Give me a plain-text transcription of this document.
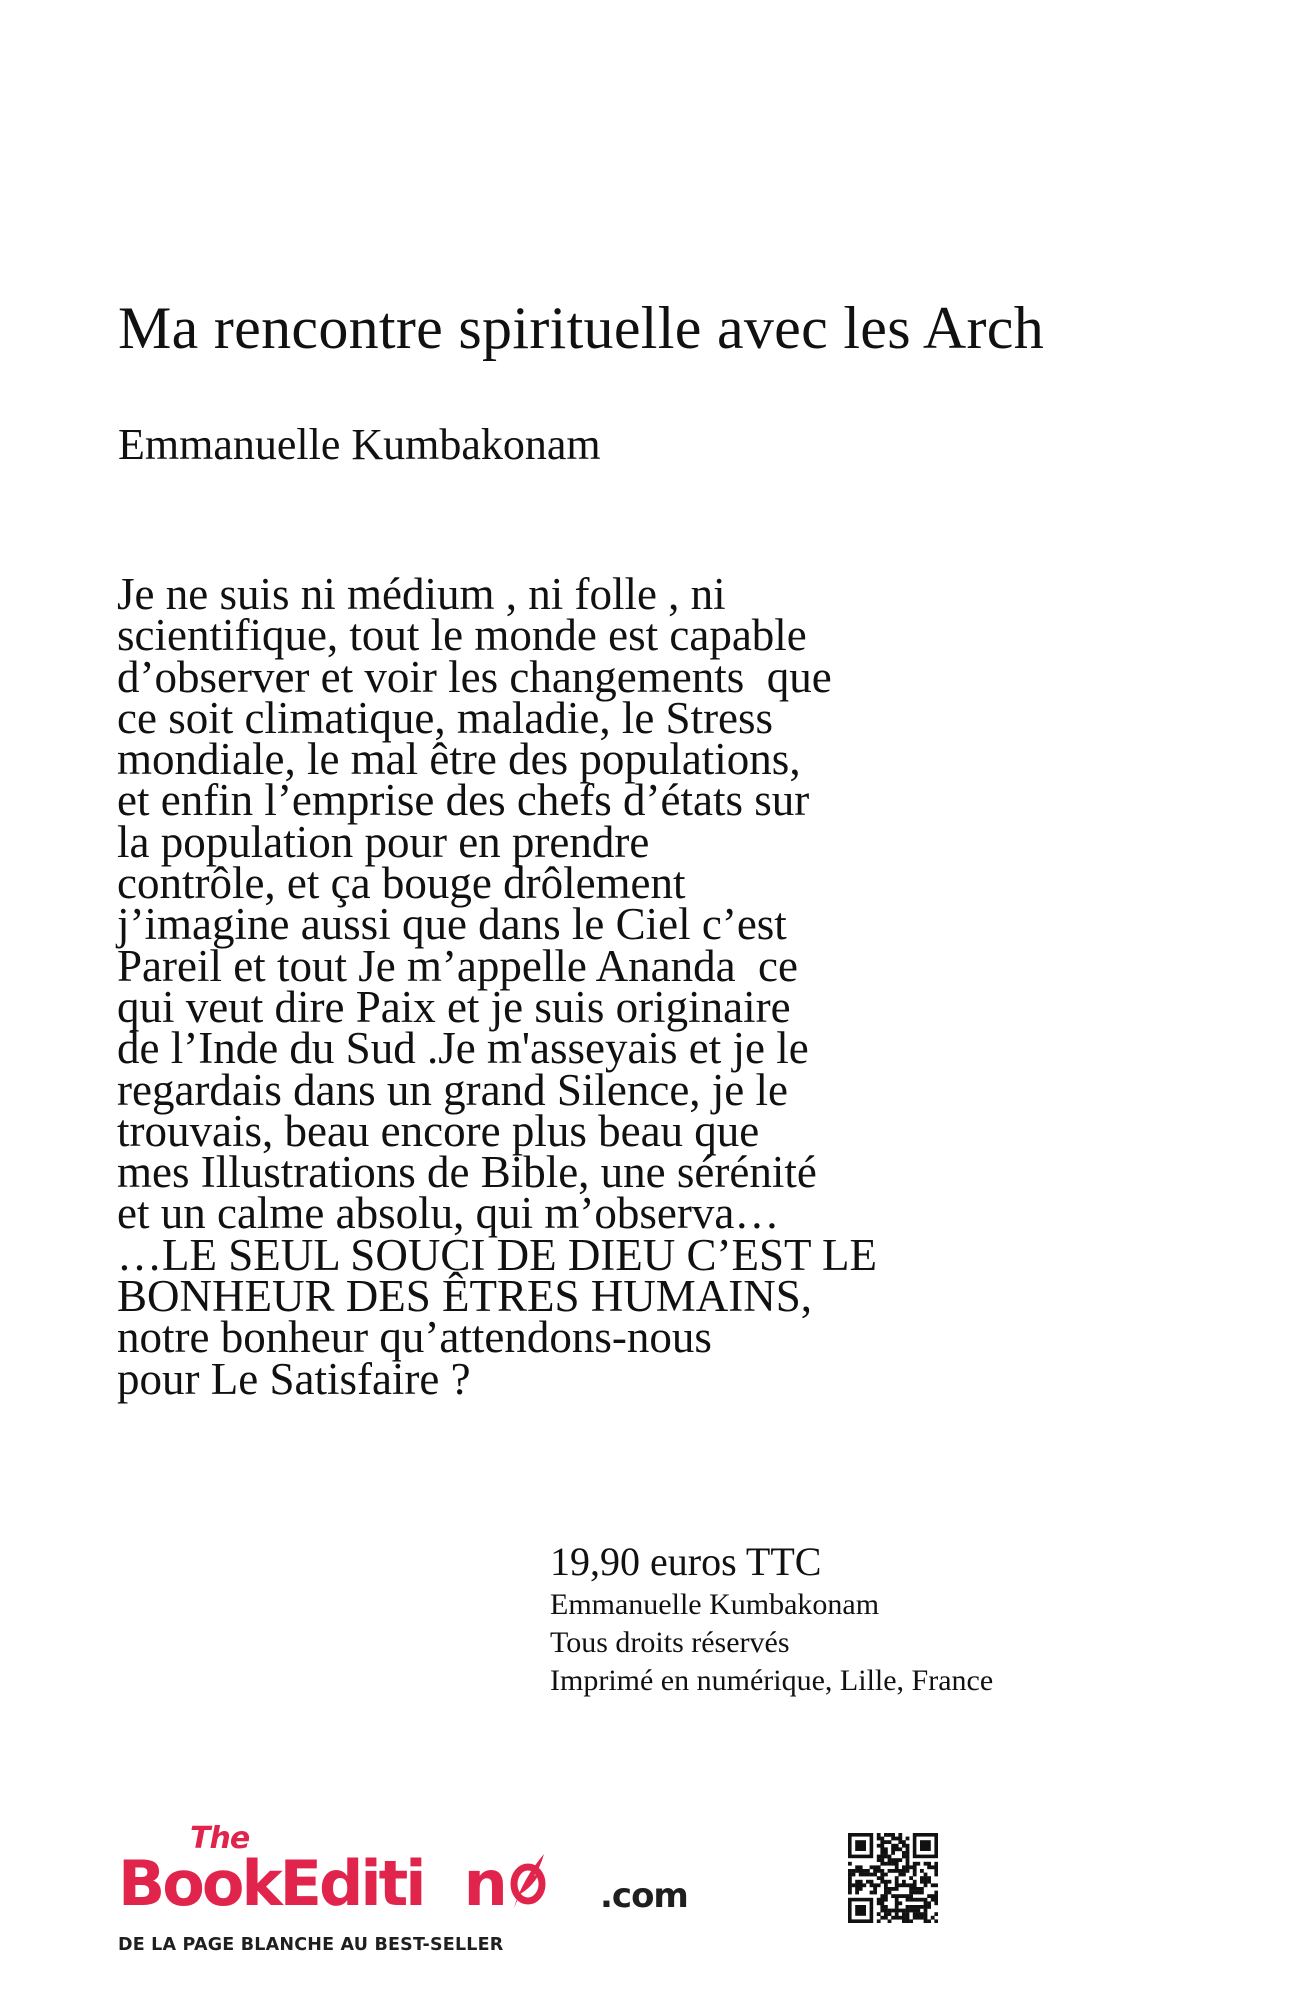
Ma rencontre spirituelle avec les Arch
Emmanuelle Kumbakonam
Je ne suis ni médium , ni folle , ni
scientifique, tout le monde est capable
d’observer et voir les changements  que
ce soit climatique, maladie, le Stress
mondiale, le mal être des populations,
et enfin l’emprise des chefs d’états sur
la population pour en prendre
contrôle, et ça bouge drôlement
j’imagine aussi que dans le Ciel c’est
Pareil et tout Je m’appelle Ananda  ce
qui veut dire Paix et je suis originaire
de l’Inde du Sud .Je m'asseyais et je le
regardais dans un grand Silence, je le
trouvais, beau encore plus beau que
mes Illustrations de Bible, une sérénité
et un calme absolu, qui m’observa…
…LE SEUL SOUCI DE DIEU C’EST LE
BONHEUR DES ÊTRES HUMAINS,
notre bonheur qu’attendons-nous
pour Le Satisfaire ?
19,90 euros TTC
Emmanuelle Kumbakonam
Tous droits réservés
Imprimé en numérique, Lille, France
The
BookEditi n	.com
DE LA PAGE BLANCHE AU BEST-SELLER
